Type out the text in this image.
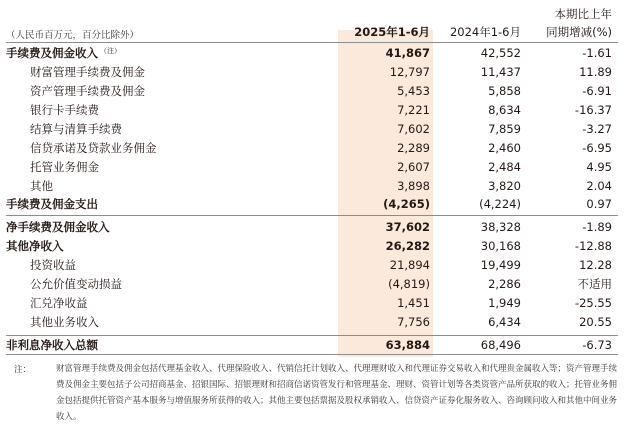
（人民币百万元，百分比除外）	2025年1-6月	2024年1-6月
本期比上年
同期增减(%)
手续费及佣金收入 $^{(注)}$	41,867	42,552	-1.61
财富管理手续费及佣金	12,797	11,437	11.89
资产管理手续费及佣金	5,453	5,858	-6.91
银行卡手续费	7,221	8,634	-16.37
结算与清算手续费	7,602	7,859	-3.27
信贷承诺及贷款业务佣金	2,289	2,460	-6.95
托管业务佣金	2,607	2,484	4.95
其他	3,898	3,820	2.04
手续费及佣金支出	(4,265)	(4,224)	0.97
净手续费及佣金收入	37,602	38,328	-1.89
其他净收入	26,282	30,168	-12.88
投资收益	21,894	19,499	12.28
公允价值变动损益	(4,819)	2,286	不适用
汇兑净收益	1,451	1,949	-25.55
其他业务收入	7,756	6,434	20.55
非利息净收入总额	63,884	68,496	-6.73
注：	财富管理手续费及佣金包括代理基金收入、代理保险收入、代销信托计划收入、代理理财收入和代理证券交易收入和代理贵金属收入等；资产管理手续费及佣金主要包括子公司招商基金、招银国际、招银理财和招商信诺资管发行和管理基金、理财、资管计划等各类资管产品所获取的收入；托管业务佣金包括提供托管资产基本服务与增值服务所获得的收入；其他主要包括票据及股权承销收入、信贷资产证券化服务收入、咨询顾问收入和其他中间业务收入。
